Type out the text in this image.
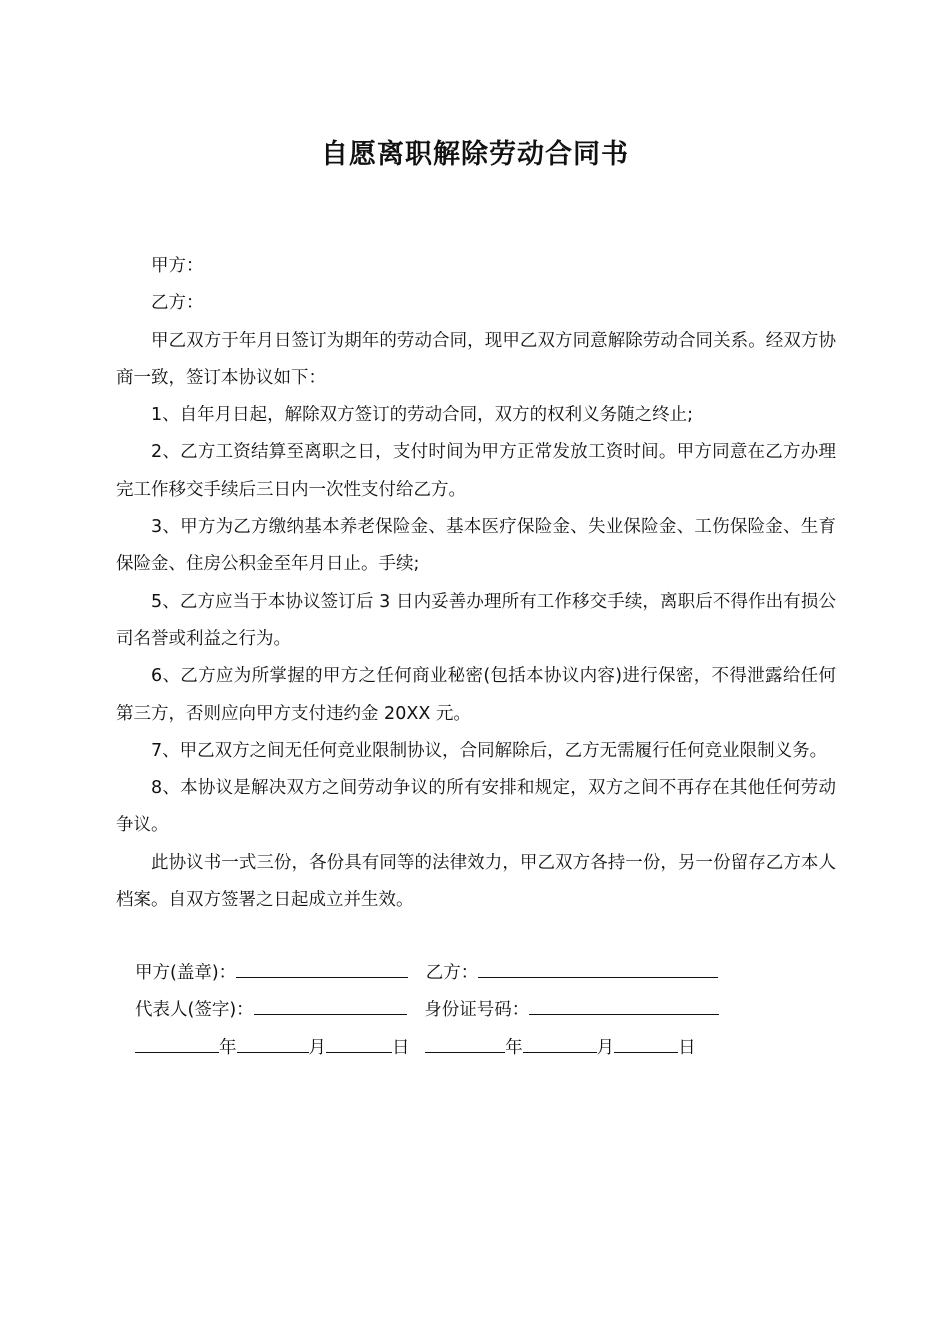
自愿离职解除劳动合同书

甲方：

乙方：

甲乙双方于年月日签订为期年的劳动合同，现甲乙双方同意解除劳动合同关系。经双方协商一致，签订本协议如下：

1、自年月日起，解除双方签订的劳动合同，双方的权利义务随之终止;

2、乙方工资结算至离职之日，支付时间为甲方正常发放工资时间。甲方同意在乙方办理完工作移交手续后三日内一次性支付给乙方。

3、甲方为乙方缴纳基本养老保险金、基本医疗保险金、失业保险金、工伤保险金、生育保险金、住房公积金至年月日止。手续;

5、乙方应当于本协议签订后 3 日内妥善办理所有工作移交手续，离职后不得作出有损公司名誉或利益之行为。

6、乙方应为所掌握的甲方之任何商业秘密(包括本协议内容)进行保密，不得泄露给任何第三方，否则应向甲方支付违约金 20XX 元。

7、甲乙双方之间无任何竞业限制协议，合同解除后，乙方无需履行任何竞业限制义务。

8、本协议是解决双方之间劳动争议的所有安排和规定，双方之间不再存在其他任何劳动争议。

此协议书一式三份，各份具有同等的法律效力，甲乙双方各持一份，另一份留存乙方本人档案。自双方签署之日起成立并生效。

甲方(盖章)：	乙方：
代表人(签字)：	身份证号码：
年	月	日	年	月	日
